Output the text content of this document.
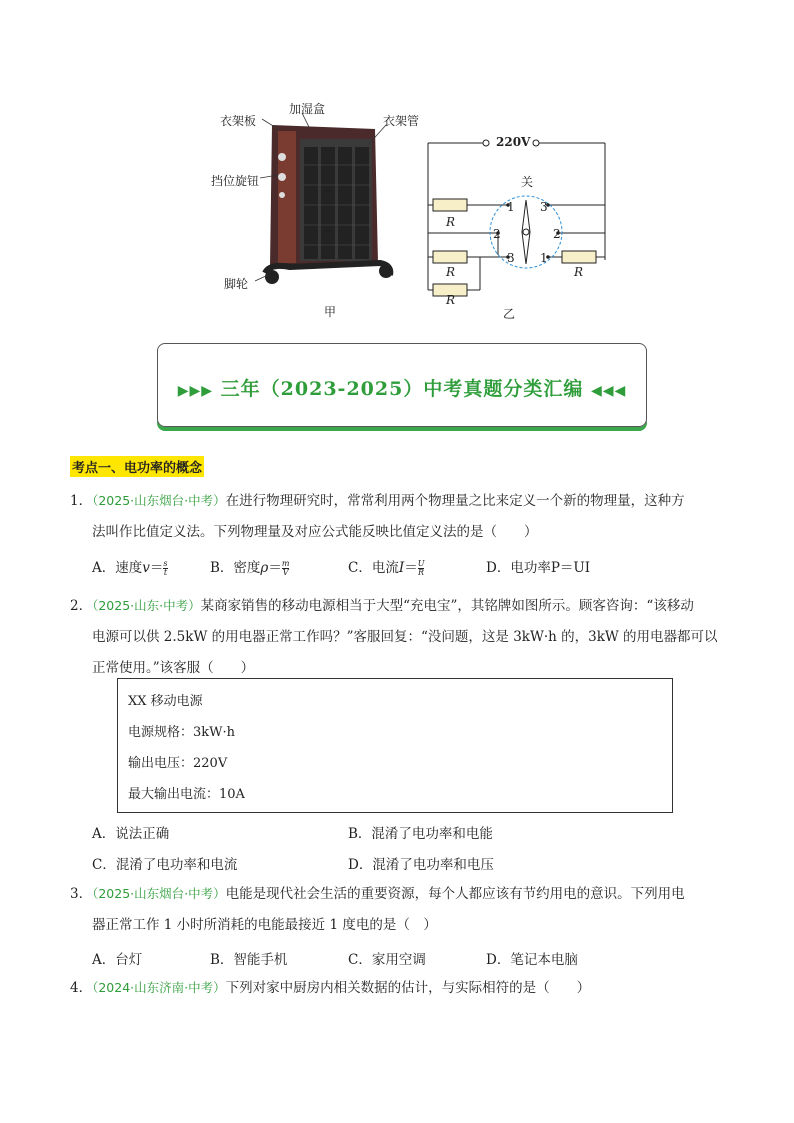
加湿盒
衣架板	衣架管
挡位旋钮
脚轮
甲	乙
220V
关
R
R
R
R
1
2
3
3
2
1
▶▶▶ 三年（2023-2025）中考真题分类汇编 ◀◀◀
考点一、电功率的概念
1．（2025·山东烟台·中考）在进行物理研究时，常常利用两个物理量之比来定义一个新的物理量，这种方
法叫作比值定义法。下列物理量及对应公式能反映比值定义法的是（　　）
A．速度$v= \frac{s}{t}$	B．密度$\rho= \frac{m}{V}$	C．电流$I= \frac{U}{R}$	D．电功率P＝UI
2．（2025·山东·中考）某商家销售的移动电源相当于大型“充电宝”，其铭牌如图所示。顾客咨询：“该移动
电源可以供 2.5kW 的用电器正常工作吗？”客服回复：“没问题，这是 3kW·h 的，3kW 的用电器都可以
正常使用。”该客服（　　）
XX 移动电源
电源规格：3kW·h
输出电压：220V
最大输出电流：10A
A．说法正确	B．混淆了电功率和电能
C．混淆了电功率和电流	D．混淆了电功率和电压
3．（2025·山东烟台·中考）电能是现代社会生活的重要资源，每个人都应该有节约用电的意识。下列用电
器正常工作 1 小时所消耗的电能最接近 1 度电的是（　）
A．台灯	B．智能手机	C．家用空调	D．笔记本电脑
4．（2024·山东济南·中考）下列对家中厨房内相关数据的估计，与实际相符的是（　　）
